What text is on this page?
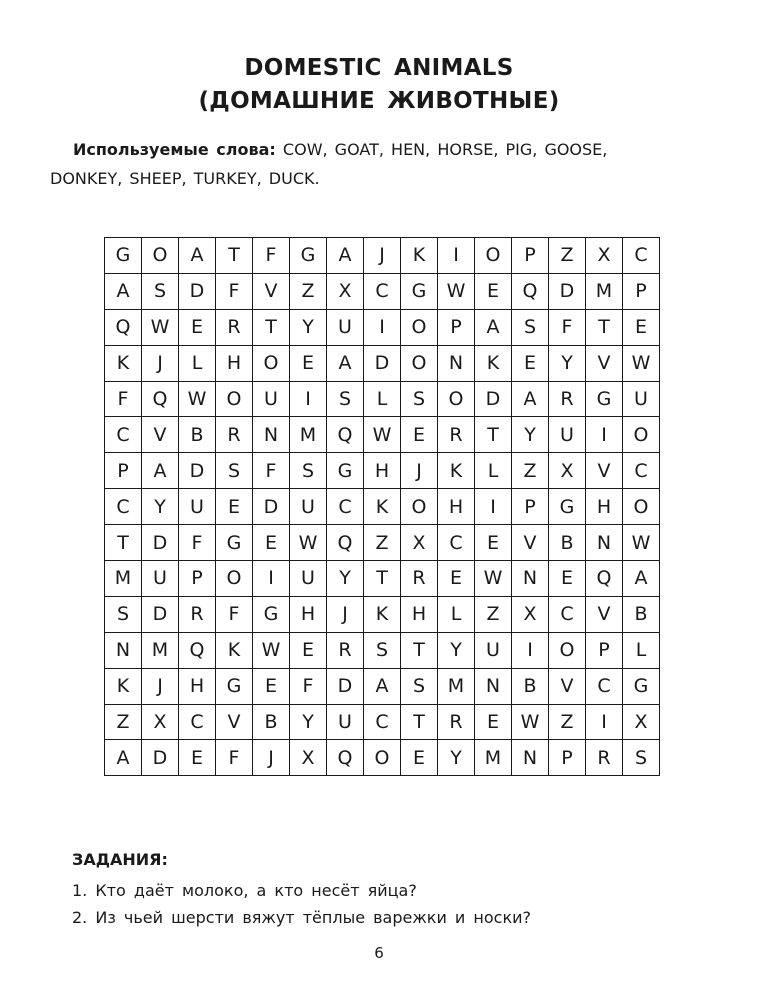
DOMESTIC ANIMALS
(ДОМАШНИЕ ЖИВОТНЫЕ)
Используемые слова: COW, GOAT, HEN, HORSE, PIG, GOOSE,
DONKEY, SHEEP, TURKEY, DUCK.
G	O	A	T	F	G	A	J	K	I	O	P	Z	X	C
A	S	D	F	V	Z	X	C	G	W	E	Q	D	M	P
Q	W	E	R	T	Y	U	I	O	P	A	S	F	T	E
K	J	L	H	O	E	A	D	O	N	K	E	Y	V	W
F	Q	W	O	U	I	S	L	S	O	D	A	R	G	U
C	V	B	R	N	M	Q	W	E	R	T	Y	U	I	O
P	A	D	S	F	S	G	H	J	K	L	Z	X	V	C
C	Y	U	E	D	U	C	K	O	H	I	P	G	H	O
T	D	F	G	E	W	Q	Z	X	C	E	V	B	N	W
M	U	P	O	I	U	Y	T	R	E	W	N	E	Q	A
S	D	R	F	G	H	J	K	H	L	Z	X	C	V	B
N	M	Q	K	W	E	R	S	T	Y	U	I	O	P	L
K	J	H	G	E	F	D	A	S	M	N	B	V	C	G
Z	X	C	V	B	Y	U	C	T	R	E	W	Z	I	X
A	D	E	F	J	X	Q	O	E	Y	M	N	P	R	S
ЗАДАНИЯ:
1. Кто даёт молоко, а кто несёт яйца?
2. Из чьей шерсти вяжут тёплые варежки и носки?
6
